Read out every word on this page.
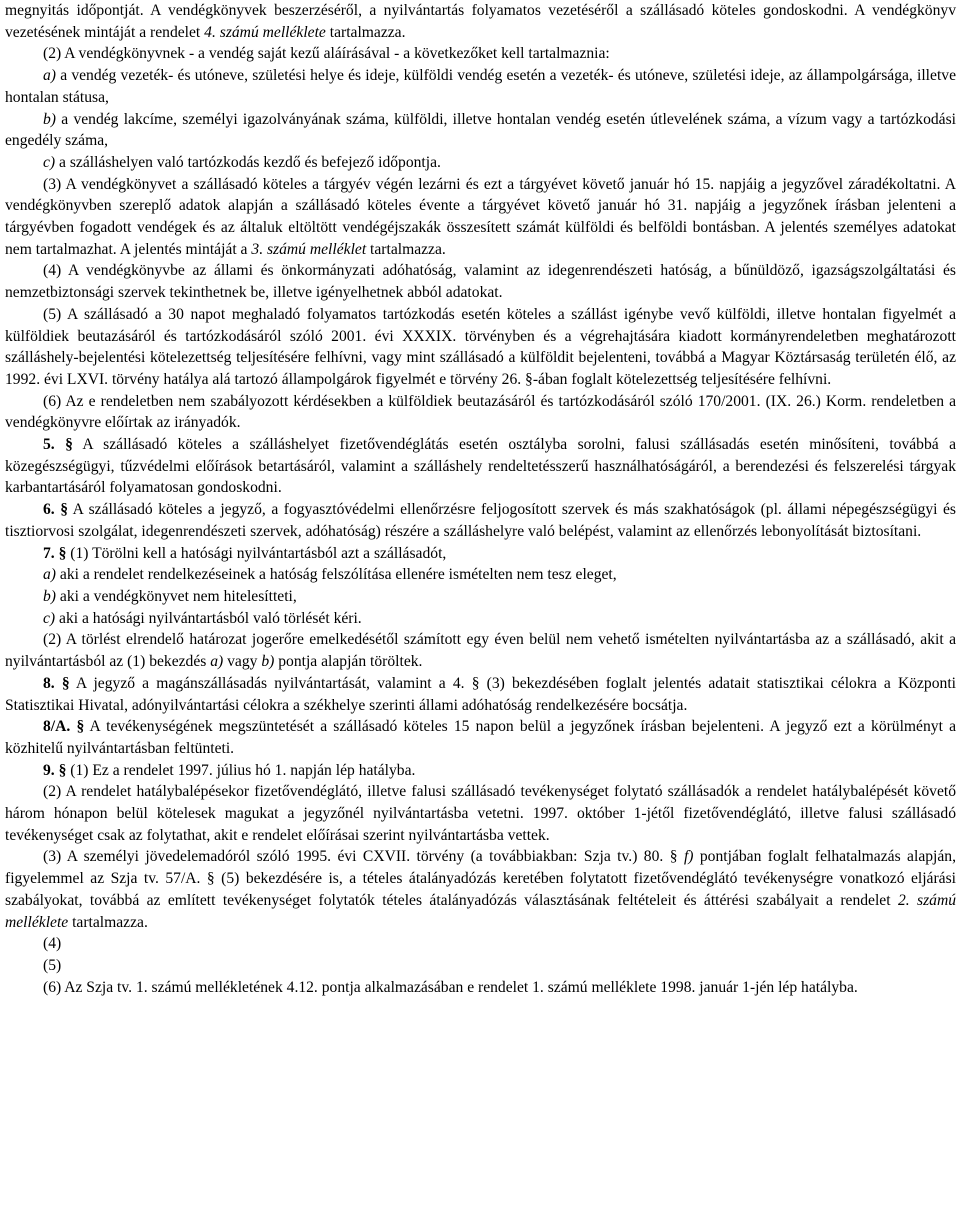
megnyitás időpontját. A vendégkönyvek beszerzéséről, a nyilvántartás folyamatos vezetéséről a szállásadó köteles gondoskodni. A vendégkönyv vezetésének mintáját a rendelet 4. számú melléklete tartalmazza.
(2) A vendégkönyvnek - a vendég saját kezű aláírásával - a következőket kell tartalmaznia:
a) a vendég vezeték- és utóneve, születési helye és ideje, külföldi vendég esetén a vezeték- és utóneve, születési ideje, az állampolgársága, illetve hontalan státusa,
b) a vendég lakcíme, személyi igazolványának száma, külföldi, illetve hontalan vendég esetén útlevelének száma, a vízum vagy a tartózkodási engedély száma,
c) a szálláshelyen való tartózkodás kezdő és befejező időpontja.
(3) A vendégkönyvet a szállásadó köteles a tárgyév végén lezárni és ezt a tárgyévet követő január hó 15. napjáig a jegyzővel záradékoltatni. A vendégkönyvben szereplő adatok alapján a szállásadó köteles évente a tárgyévet követő január hó 31. napjáig a jegyzőnek írásban jelenteni a tárgyévben fogadott vendégek és az általuk eltöltött vendégéjszakák összesített számát külföldi és belföldi bontásban. A jelentés személyes adatokat nem tartalmazhat. A jelentés mintáját a 3. számú melléklet tartalmazza.
(4) A vendégkönyvbe az állami és önkormányzati adóhatóság, valamint az idegenrendészeti hatóság, a bűnüldöző, igazságszolgáltatási és nemzetbiztonsági szervek tekinthetnek be, illetve igényelhetnek abból adatokat.
(5) A szállásadó a 30 napot meghaladó folyamatos tartózkodás esetén köteles a szállást igénybe vevő külföldi, illetve hontalan figyelmét a külföldiek beutazásáról és tartózkodásáról szóló 2001. évi XXXIX. törvényben és a végrehajtására kiadott kormányrendeletben meghatározott szálláshely-bejelentési kötelezettség teljesítésére felhívni, vagy mint szállásadó a külföldit bejelenteni, továbbá a Magyar Köztársaság területén élő, az 1992. évi LXVI. törvény hatálya alá tartozó állampolgárok figyelmét e törvény 26. §-ában foglalt kötelezettség teljesítésére felhívni.
(6) Az e rendeletben nem szabályozott kérdésekben a külföldiek beutazásáról és tartózkodásáról szóló 170/2001. (IX. 26.) Korm. rendeletben a vendégkönyvre előírtak az irányadók.
5. § A szállásadó köteles a szálláshelyet fizetővendéglátás esetén osztályba sorolni, falusi szállásadás esetén minősíteni, továbbá a közegészségügyi, tűzvédelmi előírások betartásáról, valamint a szálláshely rendeltetésszerű használhatóságáról, a berendezési és felszerelési tárgyak karbantartásáról folyamatosan gondoskodni.
6. § A szállásadó köteles a jegyző, a fogyasztóvédelmi ellenőrzésre feljogosított szervek és más szakhatóságok (pl. állami népegészségügyi és tisztiorvosi szolgálat, idegenrendészeti szervek, adóhatóság) részére a szálláshelyre való belépést, valamint az ellenőrzés lebonyolítását biztosítani.
7. § (1) Törölni kell a hatósági nyilvántartásból azt a szállásadót,
a) aki a rendelet rendelkezéseinek a hatóság felszólítása ellenére ismételten nem tesz eleget,
b) aki a vendégkönyvet nem hitelesítteti,
c) aki a hatósági nyilvántartásból való törlését kéri.
(2) A törlést elrendelő határozat jogerőre emelkedésétől számított egy éven belül nem vehető ismételten nyilvántartásba az a szállásadó, akit a nyilvántartásból az (1) bekezdés a) vagy b) pontja alapján töröltek.
8. § A jegyző a magánszállásadás nyilvántartását, valamint a 4. § (3) bekezdésében foglalt jelentés adatait statisztikai célokra a Központi Statisztikai Hivatal, adónyilvántartási célokra a székhelye szerinti állami adóhatóság rendelkezésére bocsátja.
8/A. § A tevékenységének megszüntetését a szállásadó köteles 15 napon belül a jegyzőnek írásban bejelenteni. A jegyző ezt a körülményt a közhitelű nyilvántartásban feltünteti.
9. § (1) Ez a rendelet 1997. július hó 1. napján lép hatályba.
(2) A rendelet hatálybalépésekor fizetővendéglátó, illetve falusi szállásadó tevékenységet folytató szállásadók a rendelet hatálybalépését követő három hónapon belül kötelesek magukat a jegyzőnél nyilvántartásba vetetni. 1997. október 1-jétől fizetővendéglátó, illetve falusi szállásadó tevékenységet csak az folytathat, akit e rendelet előírásai szerint nyilvántartásba vettek.
(3) A személyi jövedelemadóról szóló 1995. évi CXVII. törvény (a továbbiakban: Szja tv.) 80. § f) pontjában foglalt felhatalmazás alapján, figyelemmel az Szja tv. 57/A. § (5) bekezdésére is, a tételes átalányadózás keretében folytatott fizetővendéglátó tevékenységre vonatkozó eljárási szabályokat, továbbá az említett tevékenységet folytatók tételes átalányadózás választásának feltételeit és áttérési szabályait a rendelet 2. számú melléklete tartalmazza.
(4)
(5)
(6) Az Szja tv. 1. számú mellékletének 4.12. pontja alkalmazásában e rendelet 1. számú melléklete 1998. január 1-jén lép hatályba.
